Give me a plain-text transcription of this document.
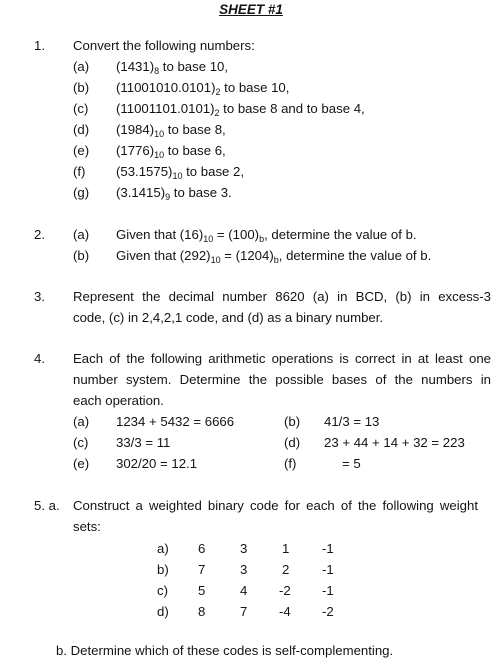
SHEET #1
1. Convert the following numbers:
(a) $(1431)_8$ to base 10,
(b) $(11001010.0101)_2$ to base 10,
(c) $(11001101.0101)_2$ to base 8 and to base 4,
(d) $(1984)_{10}$ to base 8,
(e) $(1776)_{10}$ to base 6,
(f) $(53.1575)_{10}$ to base 2,
(g) $(3.1415)_9$ to base 3.
2. (a) Given that $(16)_{10} = (100)_b$, determine the value of b.
(b) Given that $(292)_{10} = (1204)_b$, determine the value of b.
3. Represent the decimal number 8620 (a) in BCD, (b) in excess-3
code, (c) in 2,4,2,1 code, and (d) as a binary number.
4. Each of the following arithmetic operations is correct in at least one
number system. Determine the possible bases of the numbers in
each operation.
(a) 1234 + 5432 = 6666	(b) 41/3 = 13
(c) 33/3 = 11	(d) 23 + 44 + 14 + 32 = 223
(e) 302/20 = 12.1	(f)	= 5
5. a. Construct a weighted binary code for each of the following weight
sets:
a) 6	3	1 -1
b) 7	3	2 -1
c) 5	4 -2 -1
d) 8	7 -4 -2
b. Determine which of these codes is self-complementing.
